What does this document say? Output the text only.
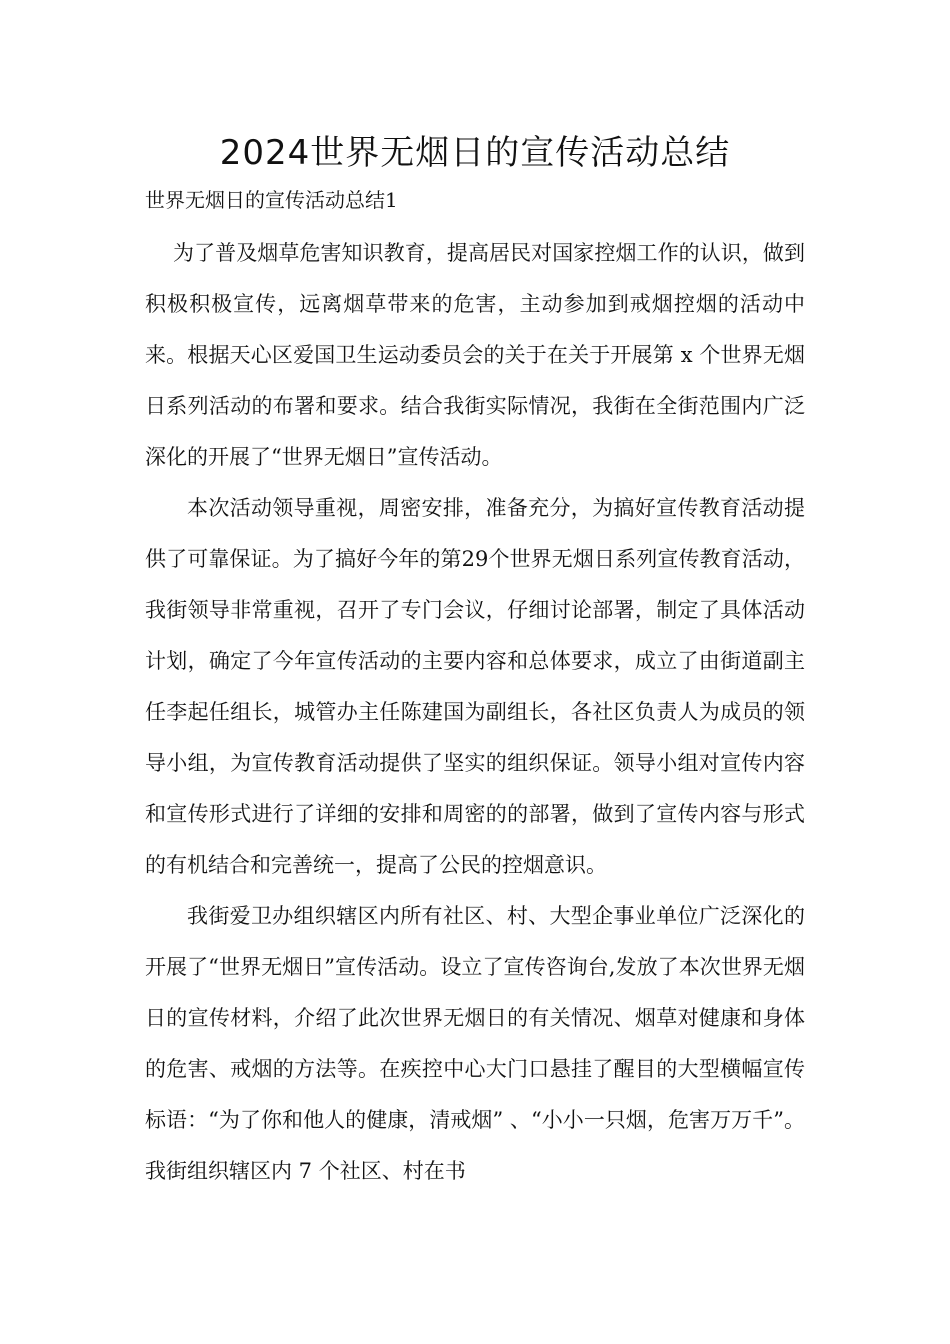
2024世界无烟日的宣传活动总结

世界无烟日的宣传活动总结1

为了普及烟草危害知识教育，提高居民对国家控烟工作的认识，做到积极积极宣传，远离烟草带来的危害，主动参加到戒烟控烟的活动中来。根据天心区爱国卫生运动委员会的关于在关于开展第 x 个世界无烟日系列活动的布署和要求。结合我街实际情况，我街在全街范围内广泛深化的开展了“世界无烟日”宣传活动。

本次活动领导重视，周密安排，准备充分，为搞好宣传教育活动提供了可靠保证。为了搞好今年的第29个世界无烟日系列宣传教育活动，我街领导非常重视，召开了专门会议，仔细讨论部署，制定了具体活动计划，确定了今年宣传活动的主要内容和总体要求，成立了由街道副主任李起任组长，城管办主任陈建国为副组长，各社区负责人为成员的领导小组，为宣传教育活动提供了坚实的组织保证。领导小组对宣传内容和宣传形式进行了详细的安排和周密的的部署，做到了宣传内容与形式的有机结合和完善统一，提高了公民的控烟意识。

我街爱卫办组织辖区内所有社区、村、大型企事业单位广泛深化的开展了“世界无烟日”宣传活动。设立了宣传咨询台,发放了本次世界无烟日的宣传材料，介绍了此次世界无烟日的有关情况、烟草对健康和身体的危害、戒烟的方法等。在疾控中心大门口悬挂了醒目的大型横幅宣传标语：“为了你和他人的健康，清戒烟” 、“小小一只烟，危害万万千”。我街组织辖区内 7 个社区、村在书
